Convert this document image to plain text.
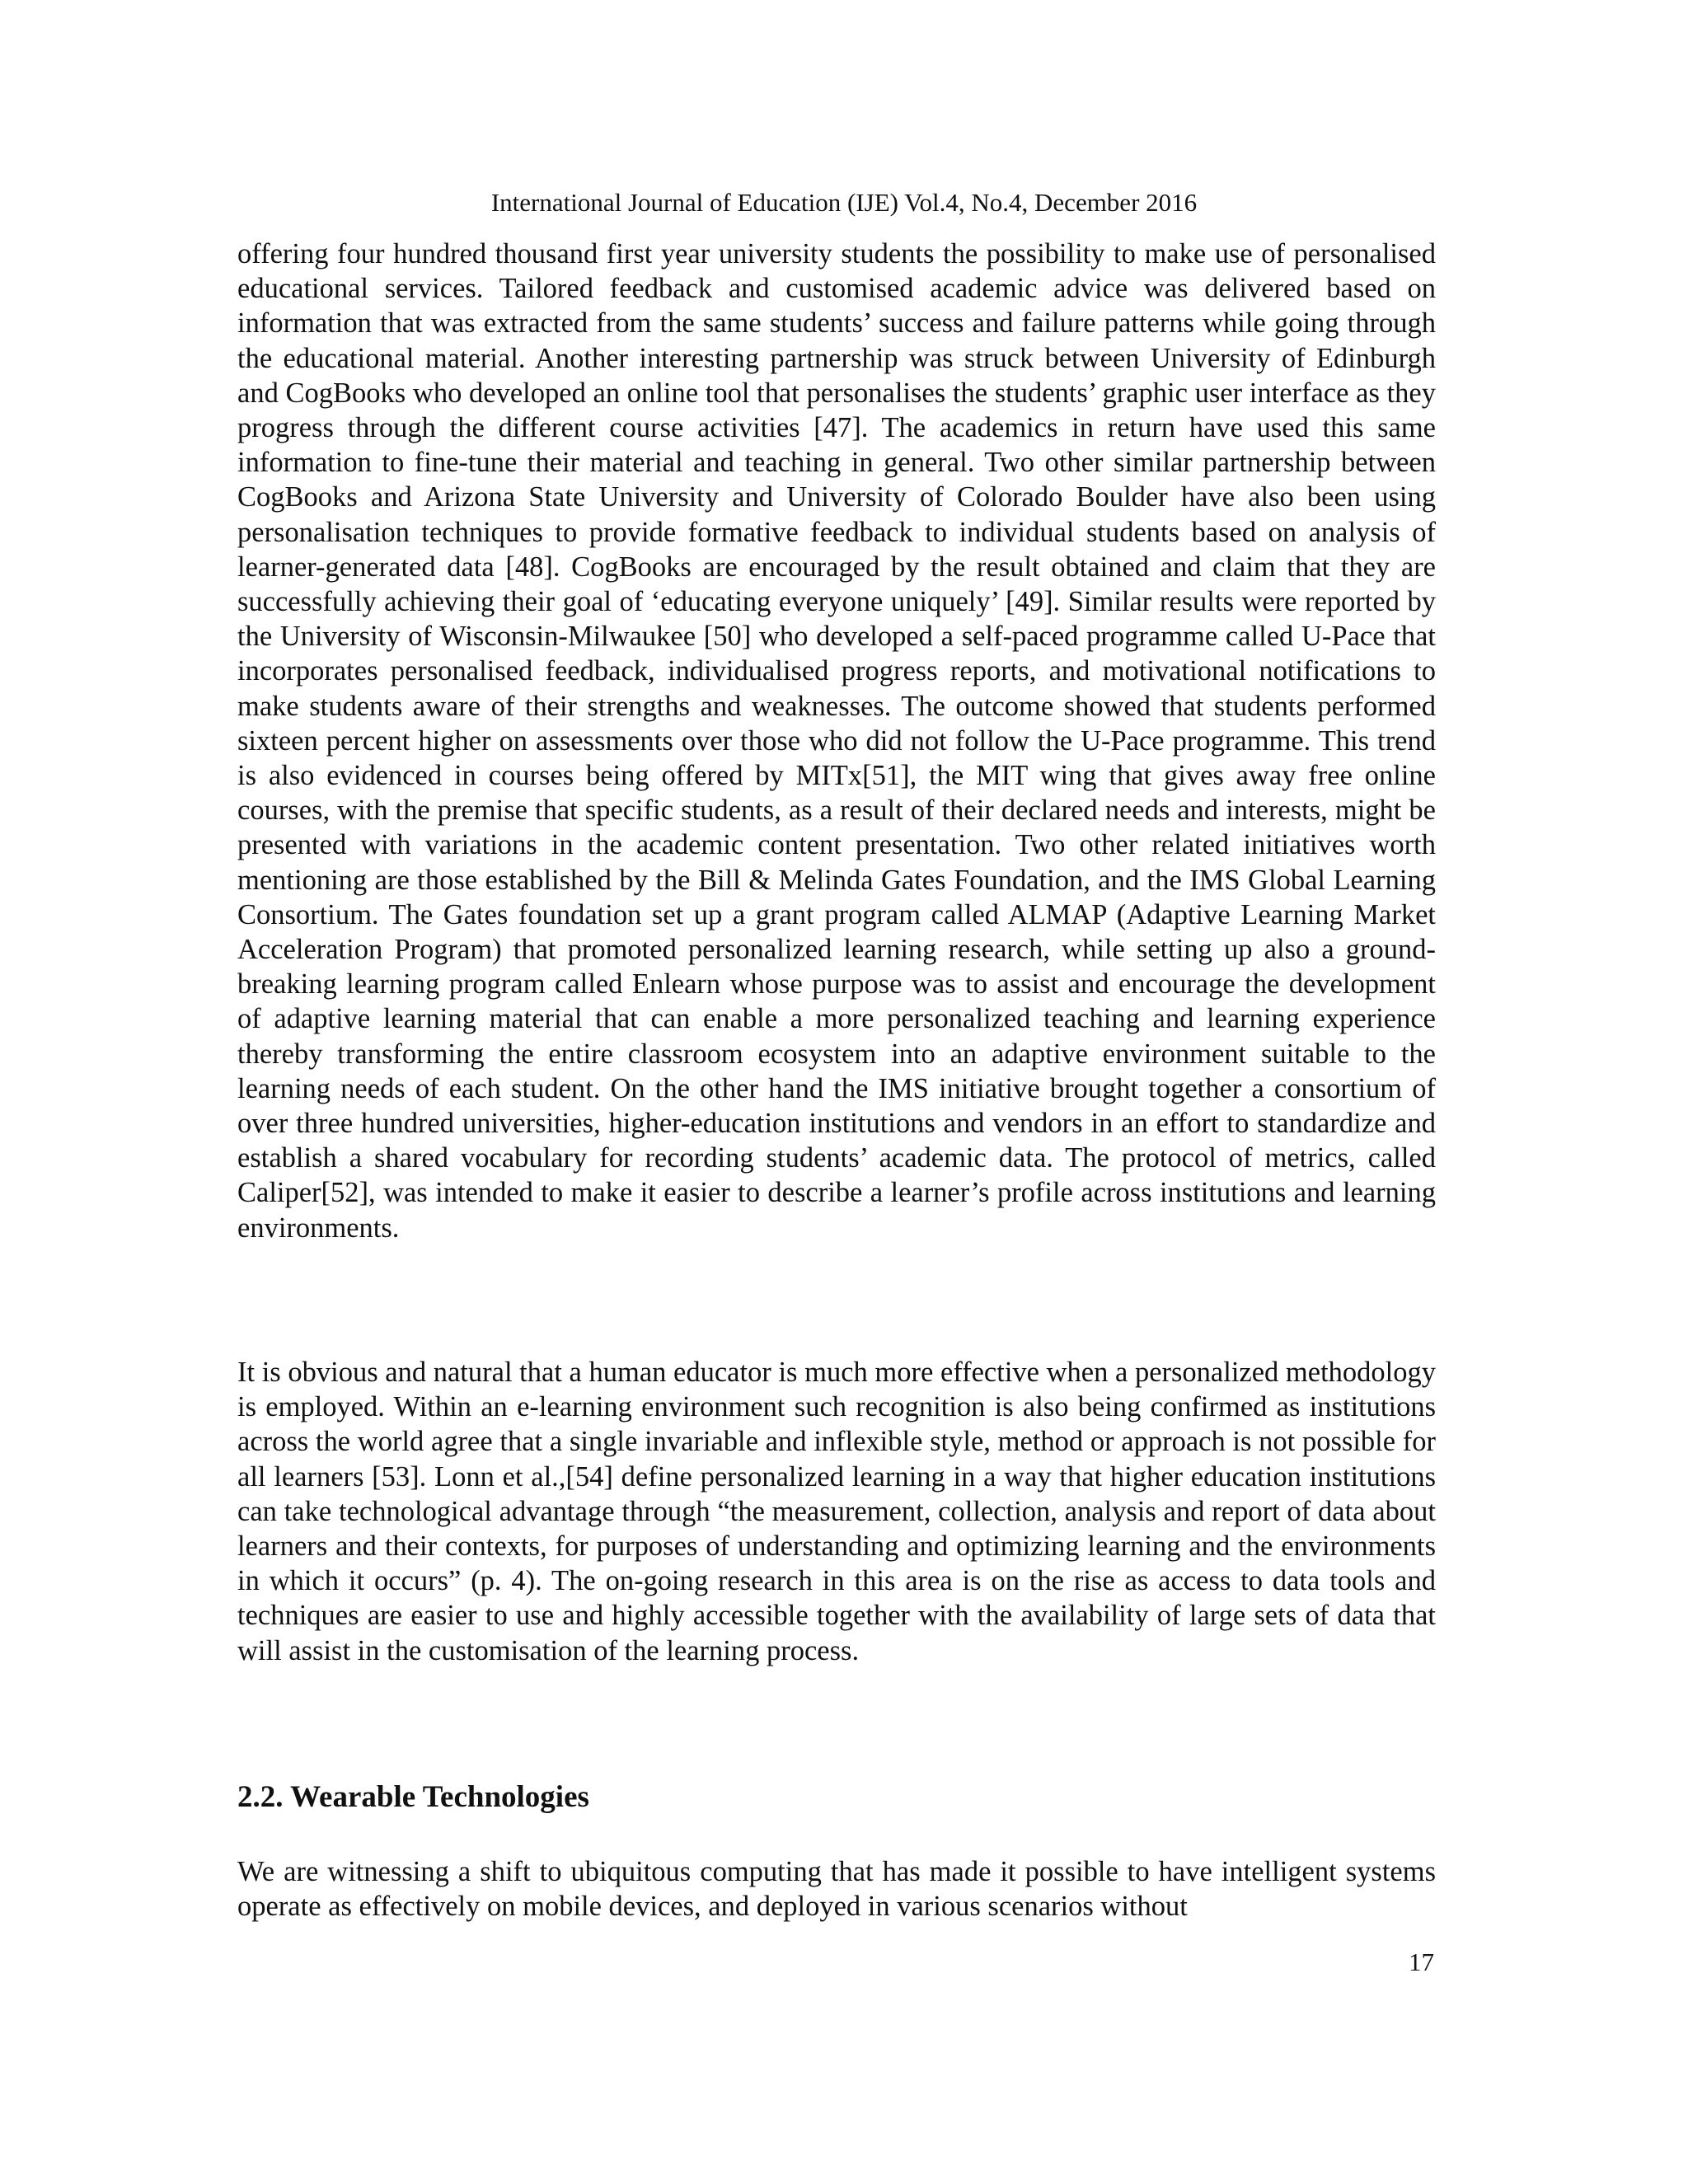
International Journal of Education (IJE) Vol.4, No.4, December 2016

offering four hundred thousand first year university students the possibility to make use of personalised educational services. Tailored feedback and customised academic advice was delivered based on information that was extracted from the same students’ success and failure patterns while going through the educational material. Another interesting partnership was struck between University of Edinburgh and CogBooks who developed an online tool that personalises the students’ graphic user interface as they progress through the different course activities [47]. The academics in return have used this same information to fine-tune their material and teaching in general. Two other similar partnership between CogBooks and Arizona State University and University of Colorado Boulder have also been using personalisation techniques to provide formative feedback to individual students based on analysis of learner-generated data [48]. CogBooks are encouraged by the result obtained and claim that they are successfully achieving their goal of ‘educating everyone uniquely’ [49]. Similar results were reported by the University of Wisconsin-Milwaukee [50] who developed a self-paced programme called U-Pace that incorporates personalised feedback, individualised progress reports, and motivational notifications to make students aware of their strengths and weaknesses. The outcome showed that students performed sixteen percent higher on assessments over those who did not follow the U-Pace programme. This trend is also evidenced in courses being offered by MITx[51], the MIT wing that gives away free online courses, with the premise that specific students, as a result of their declared needs and interests, might be presented with variations in the academic content presentation. Two other related initiatives worth mentioning are those established by the Bill & Melinda Gates Foundation, and the IMS Global Learning Consortium. The Gates foundation set up a grant program called ALMAP (Adaptive Learning Market Acceleration Program) that promoted personalized learning research, while setting up also a ground-breaking learning program called Enlearn whose purpose was to assist and encourage the development of adaptive learning material that can enable a more personalized teaching and learning experience thereby transforming the entire classroom ecosystem into an adaptive environment suitable to the learning needs of each student. On the other hand the IMS initiative brought together a consortium of over three hundred universities, higher-education institutions and vendors in an effort to standardize and establish a shared vocabulary for recording students’ academic data. The protocol of metrics, called Caliper[52], was intended to make it easier to describe a learner’s profile across institutions and learning environments.

It is obvious and natural that a human educator is much more effective when a personalized methodology is employed. Within an e-learning environment such recognition is also being confirmed as institutions across the world agree that a single invariable and inflexible style, method or approach is not possible for all learners [53]. Lonn et al.,[54] define personalized learning in a way that higher education institutions can take technological advantage through “the measurement, collection, analysis and report of data about learners and their contexts, for purposes of understanding and optimizing learning and the environments in which it occurs” (p. 4). The on-going research in this area is on the rise as access to data tools and techniques are easier to use and highly accessible together with the availability of large sets of data that will assist in the customisation of the learning process.

2.2. Wearable Technologies

We are witnessing a shift to ubiquitous computing that has made it possible to have intelligent systems operate as effectively on mobile devices, and deployed in various scenarios without

17
